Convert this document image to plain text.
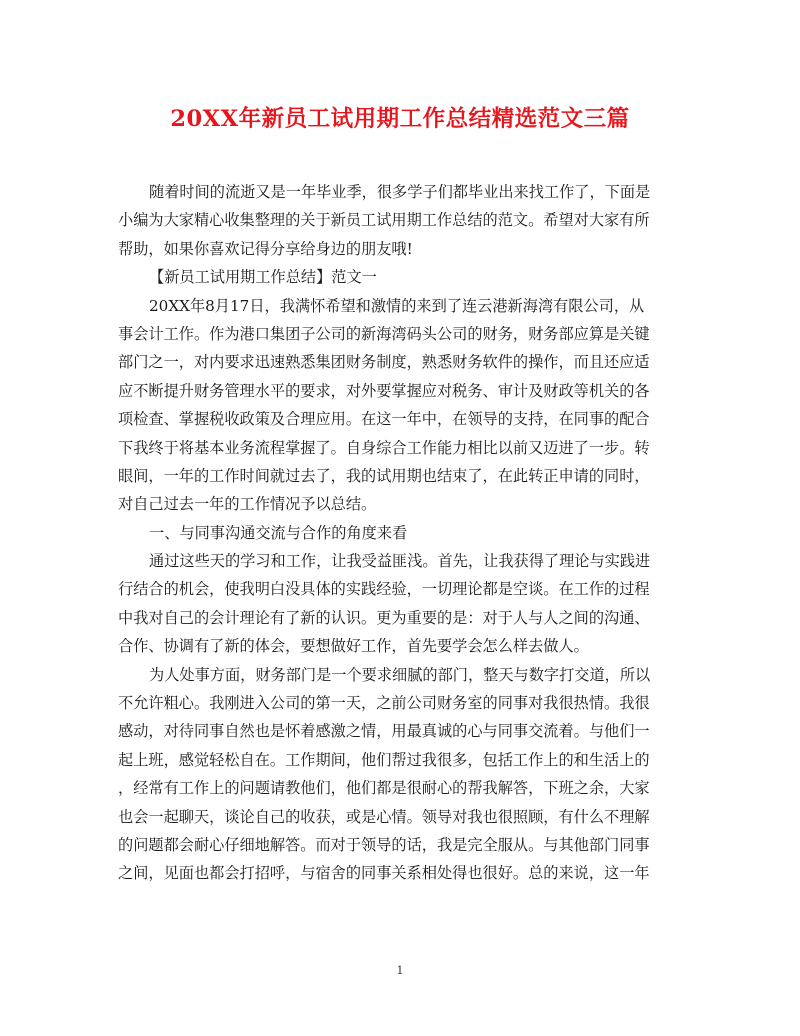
20XX年新员工试用期工作总结精选范文三篇
随着时间的流逝又是一年毕业季，很多学子们都毕业出来找工作了，下面是
小编为大家精心收集整理的关于新员工试用期工作总结的范文。希望对大家有所
帮助，如果你喜欢记得分享给身边的朋友哦!
【新员工试用期工作总结】范文一
20XX年8月17日，我满怀希望和激情的来到了连云港新海湾有限公司，从
事会计工作。作为港口集团子公司的新海湾码头公司的财务，财务部应算是关键
部门之一，对内要求迅速熟悉集团财务制度，熟悉财务软件的操作，而且还应适
应不断提升财务管理水平的要求，对外要掌握应对税务、审计及财政等机关的各
项检查、掌握税收政策及合理应用。在这一年中，在领导的支持，在同事的配合
下我终于将基本业务流程掌握了。自身综合工作能力相比以前又迈进了一步。转
眼间，一年的工作时间就过去了，我的试用期也结束了，在此转正申请的同时，
对自己过去一年的工作情况予以总结。
一、与同事沟通交流与合作的角度来看
通过这些天的学习和工作，让我受益匪浅。首先，让我获得了理论与实践进
行结合的机会，使我明白没具体的实践经验，一切理论都是空谈。在工作的过程
中我对自己的会计理论有了新的认识。更为重要的是：对于人与人之间的沟通、
合作、协调有了新的体会，要想做好工作，首先要学会怎么样去做人。
为人处事方面，财务部门是一个要求细腻的部门，整天与数字打交道，所以
不允许粗心。我刚进入公司的第一天，之前公司财务室的同事对我很热情。我很
感动，对待同事自然也是怀着感激之情，用最真诚的心与同事交流着。与他们一
起上班，感觉轻松自在。工作期间，他们帮过我很多，包括工作上的和生活上的
，经常有工作上的问题请教他们，他们都是很耐心的帮我解答，下班之余，大家
也会一起聊天，谈论自己的收获，或是心情。领导对我也很照顾，有什么不理解
的问题都会耐心仔细地解答。而对于领导的话，我是完全服从。与其他部门同事
之间，见面也都会打招呼，与宿舍的同事关系相处得也很好。总的来说，这一年
1
